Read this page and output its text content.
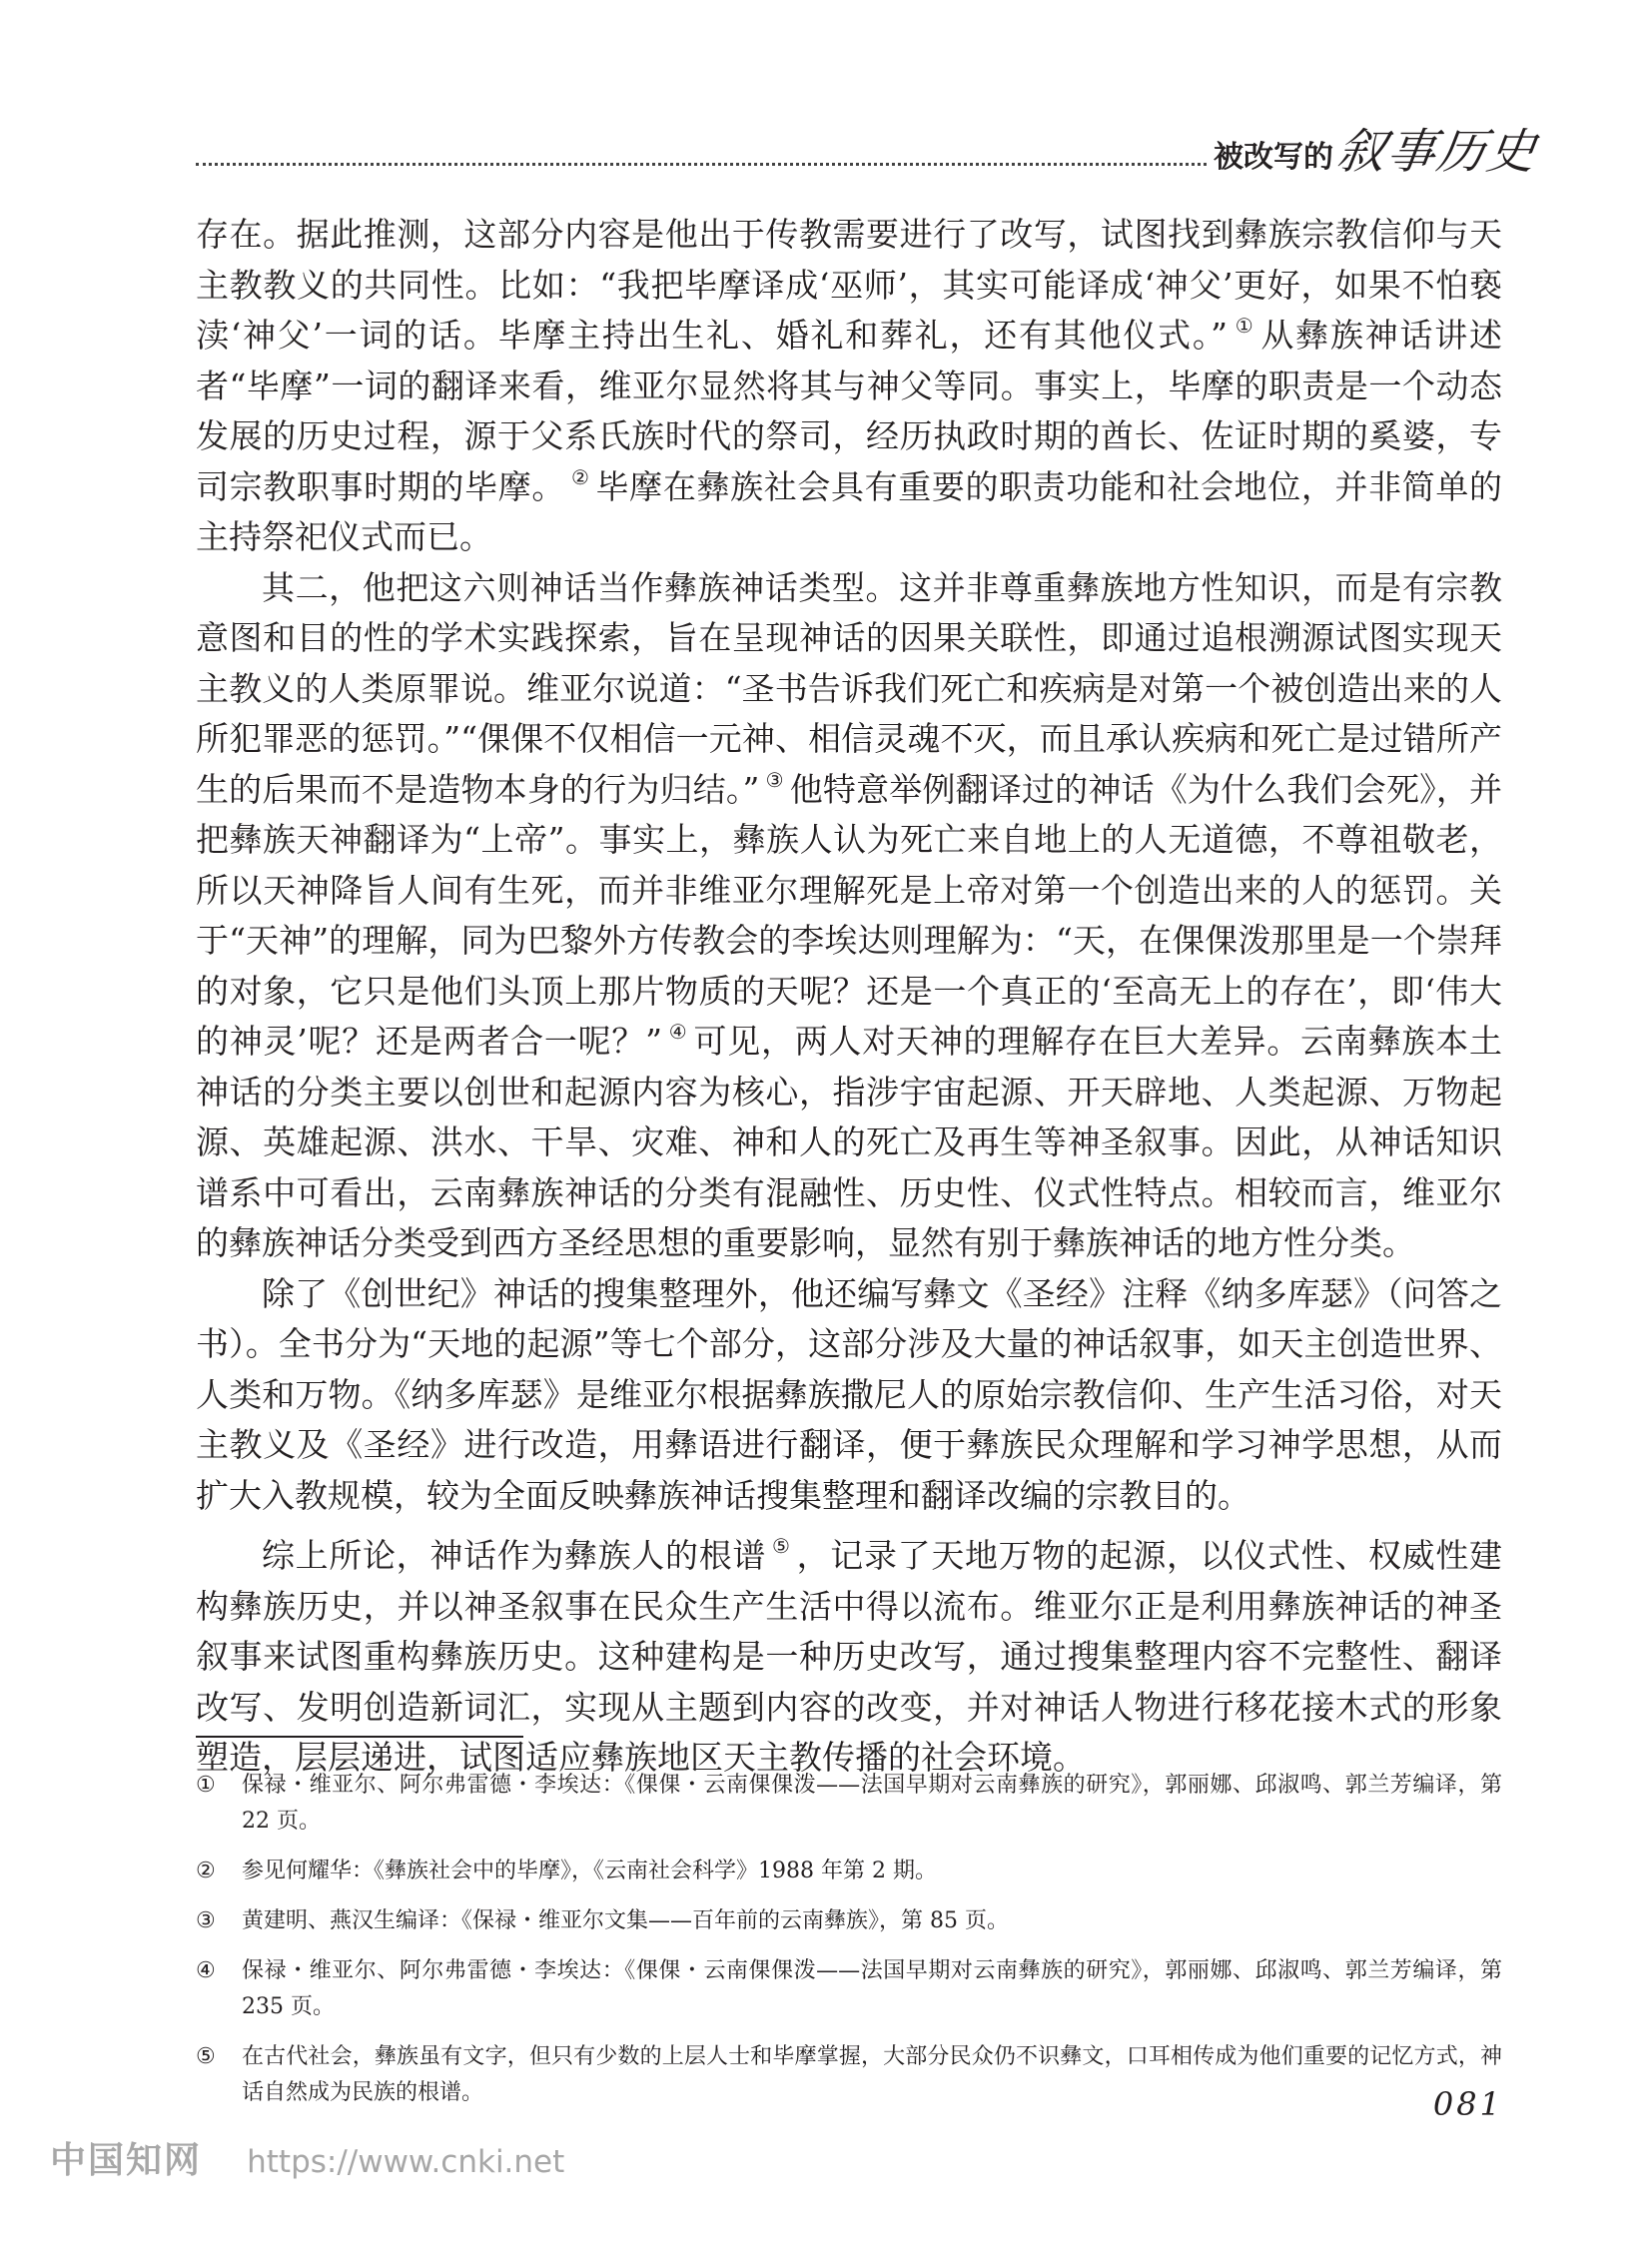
被改写的 叙事历史

存在。据此推测，这部分内容是他出于传教需要进行了改写，试图找到彝族宗教信仰与天主教教义的共同性。比如：“我把毕摩译成‘巫师’，其实可能译成‘神父’更好，如果不怕亵渎‘神父’一词的话。毕摩主持出生礼、婚礼和葬礼，还有其他仪式。” ① 从彝族神话讲述者“毕摩”一词的翻译来看，维亚尔显然将其与神父等同。事实上，毕摩的职责是一个动态发展的历史过程，源于父系氏族时代的祭司，经历执政时期的酋长、佐证时期的奚婆，专司宗教职事时期的毕摩。 ② 毕摩在彝族社会具有重要的职责功能和社会地位，并非简单的主持祭祀仪式而已。

其二，他把这六则神话当作彝族神话类型。这并非尊重彝族地方性知识，而是有宗教意图和目的性的学术实践探索，旨在呈现神话的因果关联性，即通过追根溯源试图实现天主教义的人类原罪说。维亚尔说道：“圣书告诉我们死亡和疾病是对第一个被创造出来的人所犯罪恶的惩罚。”“倮倮不仅相信一元神、相信灵魂不灭，而且承认疾病和死亡是过错所产生的后果而不是造物本身的行为归结。” ③ 他特意举例翻译过的神话《为什么我们会死》，并把彝族天神翻译为“上帝”。事实上，彝族人认为死亡来自地上的人无道德，不尊祖敬老，所以天神降旨人间有生死，而并非维亚尔理解死是上帝对第一个创造出来的人的惩罚。关于“天神”的理解，同为巴黎外方传教会的李埃达则理解为：“天，在倮倮泼那里是一个崇拜的对象，它只是他们头顶上那片物质的天呢？还是一个真正的‘至高无上的存在’，即‘伟大的神灵’呢？还是两者合一呢？” ④ 可见，两人对天神的理解存在巨大差异。云南彝族本土神话的分类主要以创世和起源内容为核心，指涉宇宙起源、开天辟地、人类起源、万物起源、英雄起源、洪水、干旱、灾难、神和人的死亡及再生等神圣叙事。因此，从神话知识谱系中可看出，云南彝族神话的分类有混融性、历史性、仪式性特点。相较而言，维亚尔的彝族神话分类受到西方圣经思想的重要影响，显然有别于彝族神话的地方性分类。

除了《创世纪》神话的搜集整理外，他还编写彝文《圣经》注释《纳多库瑟》（问答之书）。全书分为“天地的起源”等七个部分，这部分涉及大量的神话叙事，如天主创造世界、人类和万物。《纳多库瑟》是维亚尔根据彝族撒尼人的原始宗教信仰、生产生活习俗，对天主教义及《圣经》进行改造，用彝语进行翻译，便于彝族民众理解和学习神学思想，从而扩大入教规模，较为全面反映彝族神话搜集整理和翻译改编的宗教目的。

综上所论，神话作为彝族人的根谱 ⑤ ，记录了天地万物的起源，以仪式性、权威性建构彝族历史，并以神圣叙事在民众生产生活中得以流布。维亚尔正是利用彝族神话的神圣叙事来试图重构彝族历史。这种建构是一种历史改写，通过搜集整理内容不完整性、翻译改写、发明创造新词汇，实现从主题到内容的改变，并对神话人物进行移花接木式的形象塑造，层层递进，试图适应彝族地区天主教传播的社会环境。

①	保禄・维亚尔、阿尔弗雷德・李埃达：《倮倮・云南倮倮泼——法国早期对云南彝族的研究》，郭丽娜、邱淑鸣、郭兰芳编译，第 22 页。
②	参见何耀华：《彝族社会中的毕摩》，《云南社会科学》1988 年第 2 期。
③	黄建明、燕汉生编译：《保禄・维亚尔文集——百年前的云南彝族》，第 85 页。
④	保禄・维亚尔、阿尔弗雷德・李埃达：《倮倮・云南倮倮泼——法国早期对云南彝族的研究》，郭丽娜、邱淑鸣、郭兰芳编译，第 235 页。
⑤	在古代社会，彝族虽有文字，但只有少数的上层人士和毕摩掌握，大部分民众仍不识彝文，口耳相传成为他们重要的记忆方式，神话自然成为民族的根谱。	081
中国知网 https://www.cnki.net
